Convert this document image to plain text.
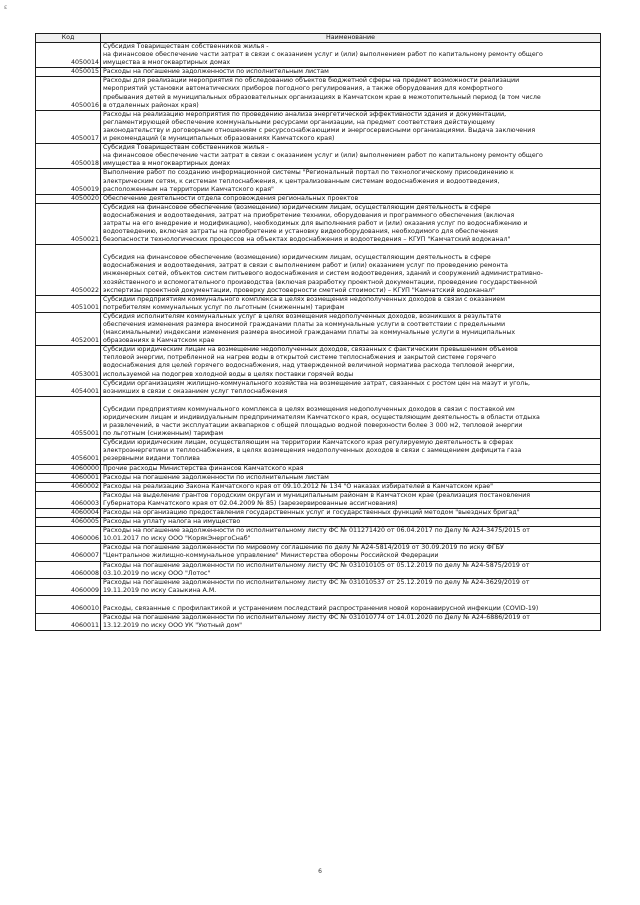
ε
Код	Наименование
4050014	Субсидия Товариществам собственников жилья -
на финансовое обеспечение части затрат в связи с оказанием услуг и (или) выполнением работ по капитальному ремонту общего
имущества в многоквартирных домах

4050015	Расходы на погашение задолженности по исполнительным листам

4050016	Расходы для реализации мероприятия по обследованию объектов бюджетной сферы на предмет возможности реализации
мероприятий установки автоматических приборов погодного регулирования, а также оборудования для комфортного
пребывания детей в муниципальных образовательных организациях в Камчатском крае в межотопительный период (в том числе
в отдаленных районах края)

4050017	Расходы на реализацию мероприятия по проведению анализа энергетической эффективности здания и документации,
регламентирующей обеспечение коммунальными ресурсами организации, на предмет соответствия действующему
законодательству и договорным отношениям с ресурсоснабжающими и энергосервисными организациями. Выдача заключения
и рекомендаций (в муниципальных образованиях Камчатского края)

4050018	Субсидия Товариществам собственников жилья -
на финансовое обеспечение части затрат в связи с оказанием услуг и (или) выполнением работ по капитальному ремонту общего
имущества в многоквартирных домах

4050019	Выполнение работ по созданию информационной системы "Региональный портал по технологическому присоединению к
электрическим сетям, к системам теплоснабжения, к централизованным системам водоснабжения и водоотведения,
расположенным на территории Камчатского края"

4050020	Обеспечение деятельности отдела сопровождения региональных проектов

4050021	Субсидия на финансовое обеспечение (возмещение) юридическим лицам, осуществляющим деятельность в сфере
водоснабжения и водоотведения, затрат на приобретение техники, оборудования и программного обеспечения (включая
затраты на его внедрение и модификацию), необходимых для выполнения работ и (или) оказания услуг по водоснабжению и
водоотведению, включая затраты на приобретение и установку видеооборудования, необходимого для обеспечения
безопасности технологических процессов на объектах водоснабжения и водоотведения – КГУП "Камчатский водоканал"

4050022	Субсидия на финансовое обеспечение (возмещение) юридическим лицам, осуществляющим деятельность в сфере
водоснабжения и водоотведения, затрат в связи с выполнением работ и (или) оказанием услуг по проведению ремонта
инженерных сетей, объектов систем питьевого водоснабжения и систем водоотведения, зданий и сооружений административно-
хозяйственного и вспомогательного производства (включая разработку проектной документации, проведение государственной
экспертизы проектной документации, проверку достоверности сметной стоимости) – КГУП "Камчатский водоканал"

4051001	Субсидии предприятиям коммунального комплекса в целях возмещения недополученных доходов в связи с оказанием
потребителям коммунальных услуг по льготным (сниженным) тарифам

4052001	Субсидия исполнителям коммунальных услуг в целях возмещения недополученных доходов, возникших в результате
обеспечения изменения размера вносимой гражданами платы за коммунальные услуги в соответствии с предельными
(максимальными) индексами изменения размера вносимой гражданами платы за коммунальные услуги в муниципальных
образованиях в Камчатском крае

4053001	Субсидии юридическим лицам на возмещение недополученных доходов, связанных с фактическим превышением объемов
тепловой энергии, потребленной на нагрев воды в открытой системе теплоснабжения и закрытой системе горячего
водоснабжения для целей горячего водоснабжения, над утвержденной величиной норматива расхода тепловой энергии,
используемой на подогрев холодной воды в целях поставки горячей воды

4054001	Субсидии организациям жилищно-коммунального хозяйства на возмещение затрат, связанных с ростом цен на мазут и уголь,
возникших в связи с оказанием услуг теплоснабжения

4055001	Субсидии предприятиям коммунального комплекса в целях возмещения недополученных доходов в связи с поставкой им
юридическим лицам и индивидуальным предпринимателям Камчатского края, осуществляющим деятельность в области отдыха
и развлечений, в части эксплуатации аквапарков с общей площадью водной поверхности более 3 000 м2, тепловой энергии
по льготным (сниженным) тарифам

4056001	Субсидии юридическим лицам, осуществляющим на территории Камчатского края регулируемую деятельность в сферах
электроэнергетики и теплоснабжения, в целях возмещения недополученных доходов в связи с замещением дефицита газа
резервными видами топлива

4060000	Прочие расходы Министерства финансов Камчатского края

4060001	Расходы на погашение задолженности по исполнительным листам

4060002	Расходы на реализацию Закона Камчатского края от 09.10.2012 № 134 "О наказах избирателей в Камчатском крае"

4060003	Расходы на выделение грантов городским округам и муниципальным районам в Камчатском крае (реализация постановления
Губернатора Камчатского края от 02.04.2009 № 85) (зарезервированные ассигнования)

4060004	Расходы на организацию предоставления государственных услуг и государственных функций методом "выездных бригад"

4060005	Расходы на уплату налога на имущество

4060006	Расходы на погашение задолженности по исполнительному листу ФС № 011271420 от 06.04.2017 по Делу № А24-3475/2015 от
10.01.2017 по иску ООО "КорякЭнергоСнаб"

4060007	Расходы на погашение задолженности по мировому соглашению по делу № А24-5814/2019 от 30.09.2019 по иску ФГБУ
"Центральное жилищно-коммунальное управление" Министерства обороны Российской Федерации

4060008	Расходы на погашение задолженности по исполнительному листу ФС № 031010105 от 05.12.2019 по делу № А24-5875/2019 от
03.10.2019 по иску ООО "Лотос"

4060009	Расходы на погашение задолженности по исполнительному листу ФС № 031010537 от 25.12.2019 по делу № А24-3629/2019 от
19.11.2019 по иску Сазыкина А.М.

4060010	Расходы, связанные с профилактикой и устранением последствий распространения новой коронавирусной инфекции (COVID-19)

4060011	Расходы на погашение задолженности по исполнительному листу ФС № 031010774 от 14.01.2020 по Делу № А24-6886/2019 от
13.12.2019 по иску ООО УК "Уютный дом"
6
